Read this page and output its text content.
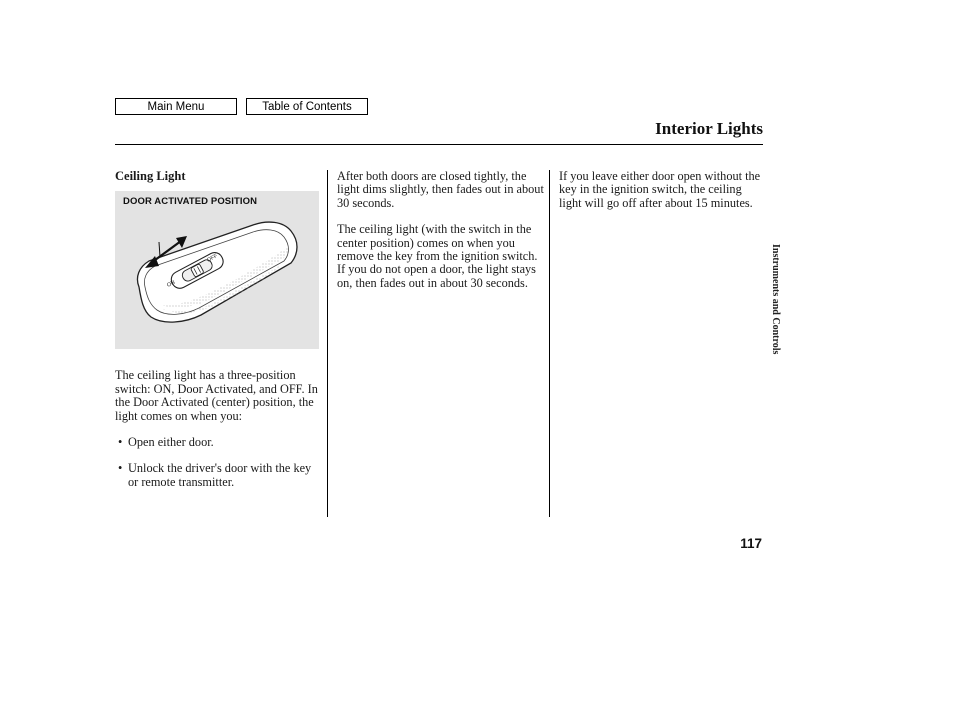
Main Menu	Table of Contents
Interior Lights

Ceiling Light

The ceiling light has a three-position switch: ON, Door Activated, and OFF. In the Door Activated (center) position, the light comes on when you:

• Open either door.
• Unlock the driver's door with the key or remote transmitter.
DOOR ACTIVATED POSITION
ON
OFF

After both doors are closed tightly, the light dims slightly, then fades out in about 30 seconds.

The ceiling light (with the switch in the center position) comes on when you remove the key from the ignition switch. If you do not open a door, the light stays on, then fades out in about 30 seconds.

If you leave either door open without the key in the ignition switch, the ceiling light will go off after about 15 minutes.

Instruments and Controls
117
